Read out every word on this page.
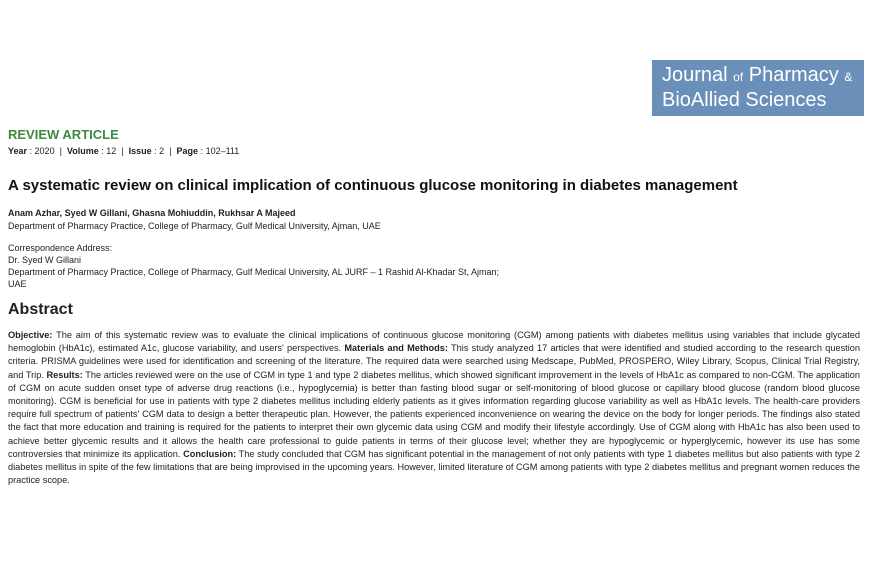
Journal of Pharmacy &
BioAllied Sciences
REVIEW ARTICLE
Year : 2020  |  Volume : 12  |  Issue : 2  |  Page : 102–111
A systematic review on clinical implication of continuous glucose monitoring in diabetes management
Anam Azhar, Syed W Gillani, Ghasna Mohiuddin, Rukhsar A Majeed
Department of Pharmacy Practice, College of Pharmacy, Gulf Medical University, Ajman, UAE
Correspondence Address:
Dr. Syed W Gillani
Department of Pharmacy Practice, College of Pharmacy, Gulf Medical University, AL JURF – 1 Rashid Al-Khadar St, Ajman;
UAE
Abstract
Objective: The aim of this systematic review was to evaluate the clinical implications of continuous glucose monitoring (CGM) among patients with diabetes mellitus using variables that include glycated hemoglobin (HbA1c), estimated A1c, glucose variability, and users' perspectives. Materials and Methods: This study analyzed 17 articles that were identified and studied according to the research question criteria. PRISMA guidelines were used for identification and screening of the literature. The required data were searched using Medscape, PubMed, PROSPERO, Wiley Library, Scopus, Clinical Trial Registry, and Trip. Results: The articles reviewed were on the use of CGM in type 1 and type 2 diabetes mellitus, which showed significant improvement in the levels of HbA1c as compared to non-CGM. The application of CGM on acute sudden onset type of adverse drug reactions (i.e., hypoglycemia) is better than fasting blood sugar or self-monitoring of blood glucose or capillary blood glucose (random blood glucose monitoring). CGM is beneficial for use in patients with type 2 diabetes mellitus including elderly patients as it gives information regarding glucose variability as well as HbA1c levels. The health-care providers require full spectrum of patients' CGM data to design a better therapeutic plan. However, the patients experienced inconvenience on wearing the device on the body for longer periods. The findings also stated the fact that more education and training is required for the patients to interpret their own glycemic data using CGM and modify their lifestyle accordingly. Use of CGM along with HbA1c has also been used to achieve better glycemic results and it allows the health care professional to guide patients in terms of their glucose level; whether they are hypoglycemic or hyperglycemic, however its use has some controversies that minimize its application. Conclusion: The study concluded that CGM has significant potential in the management of not only patients with type 1 diabetes mellitus but also patients with type 2 diabetes mellitus in spite of the few limitations that are being improvised in the upcoming years. However, limited literature of CGM among patients with type 2 diabetes mellitus and pregnant women reduces the practice scope.
